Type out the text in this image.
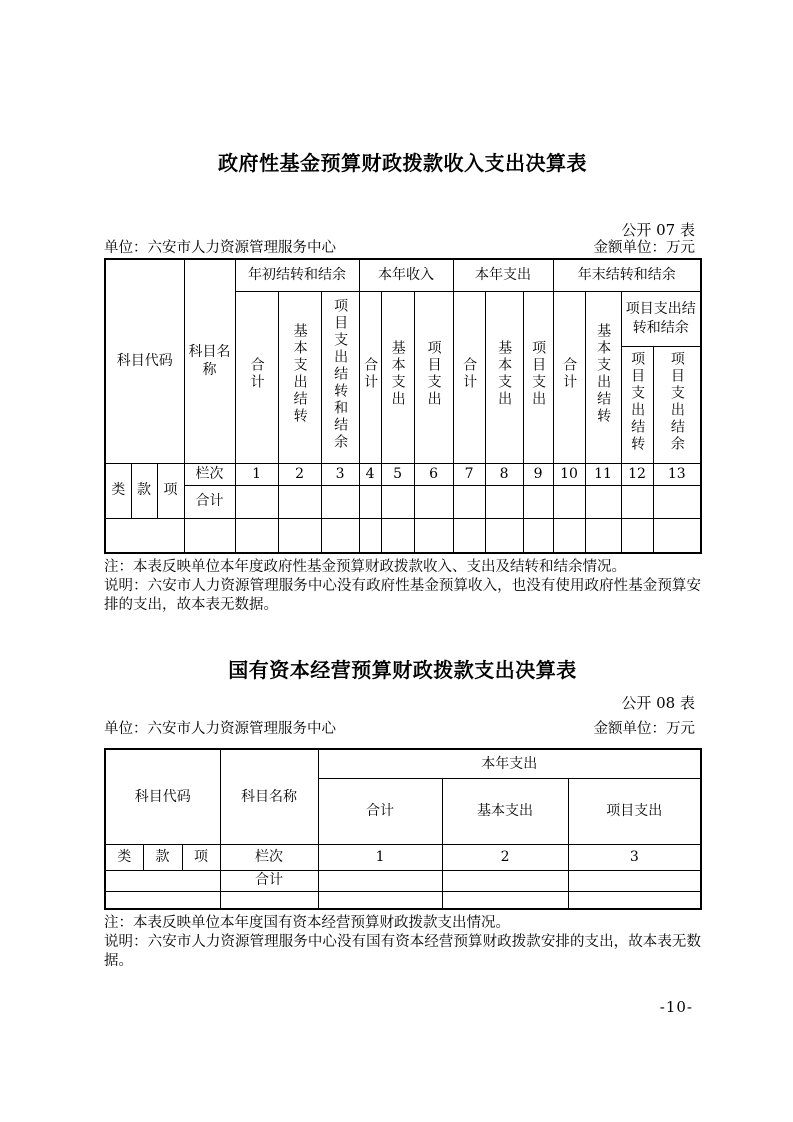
政府性基金预算财政拨款收入支出决算表
公开 07 表
单位：六安市人力资源管理服务中心	金额单位：万元
科目代码			科目名称	年初结转和结余			本年收入			本年支出			年末结转和结余			
				合计	基本支出结转	项目支出结转和结余	合计	基本支出	项目支出	合计	基本支出	项目支出	合计	基本支出结转	项目支出结转和结余	
															项目支出结转	项目支出结余
类	款	项	栏次	1	2	3	4	5	6	7	8	9	10	11	12	13
			合计													

注：本表反映单位本年度政府性基金预算财政拨款收入、支出及结转和结余情况。
说明：六安市人力资源管理服务中心没有政府性基金预算收入，也没有使用政府性基金预算安排的支出，故本表无数据。
国有资本经营预算财政拨款支出决算表
公开 08 表
单位：六安市人力资源管理服务中心	金额单位：万元
科目代码			科目名称	本年支出		
				合计	基本支出	项目支出
类	款	项	栏次	1	2	3
			合计			

注：本表反映单位本年度国有资本经营预算财政拨款支出情况。
说明：六安市人力资源管理服务中心没有国有资本经营预算财政拨款安排的支出，故本表无数据。
-10-
